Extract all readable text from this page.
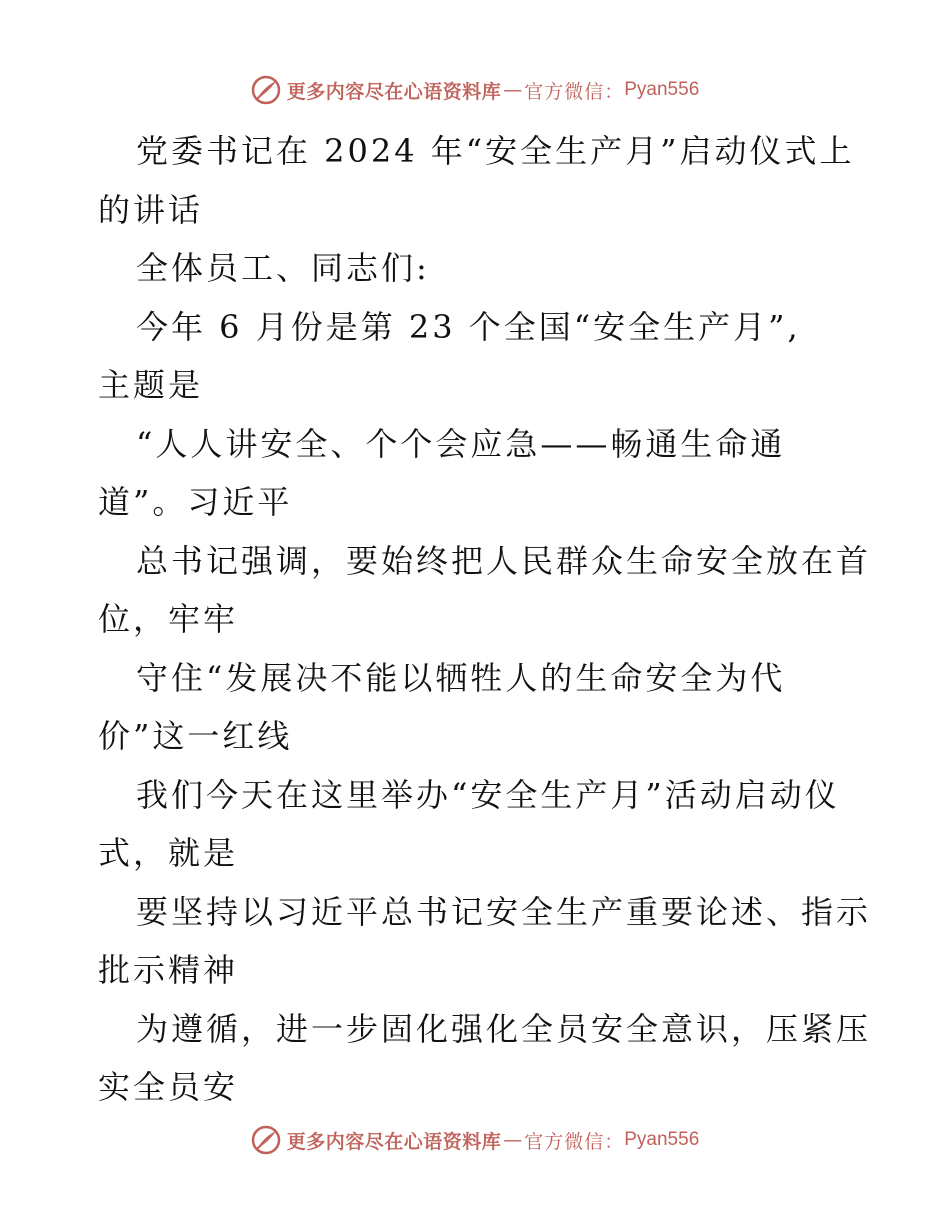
更多内容尽在心语资料库 — 官方微信： Pyan556
党委书记在 2024 年“安全生产月”启动仪式上
的讲话
全体员工、同志们:
今年 6 月份是第 23 个全国“安全生产月”,
主题是
“人人讲安全、个个会应急——畅通生命通
道”。习近平
总书记强调，要始终把人民群众生命安全放在首
位，牢牢
守住“发展决不能以牺牲人的生命安全为代
价”这一红线
我们今天在这里举办“安全生产月”活动启动仪
式，就是
要坚持以习近平总书记安全生产重要论述、指示
批示精神
为遵循，进一步固化强化全员安全意识，压紧压
实全员安
更多内容尽在心语资料库 — 官方微信： Pyan556
